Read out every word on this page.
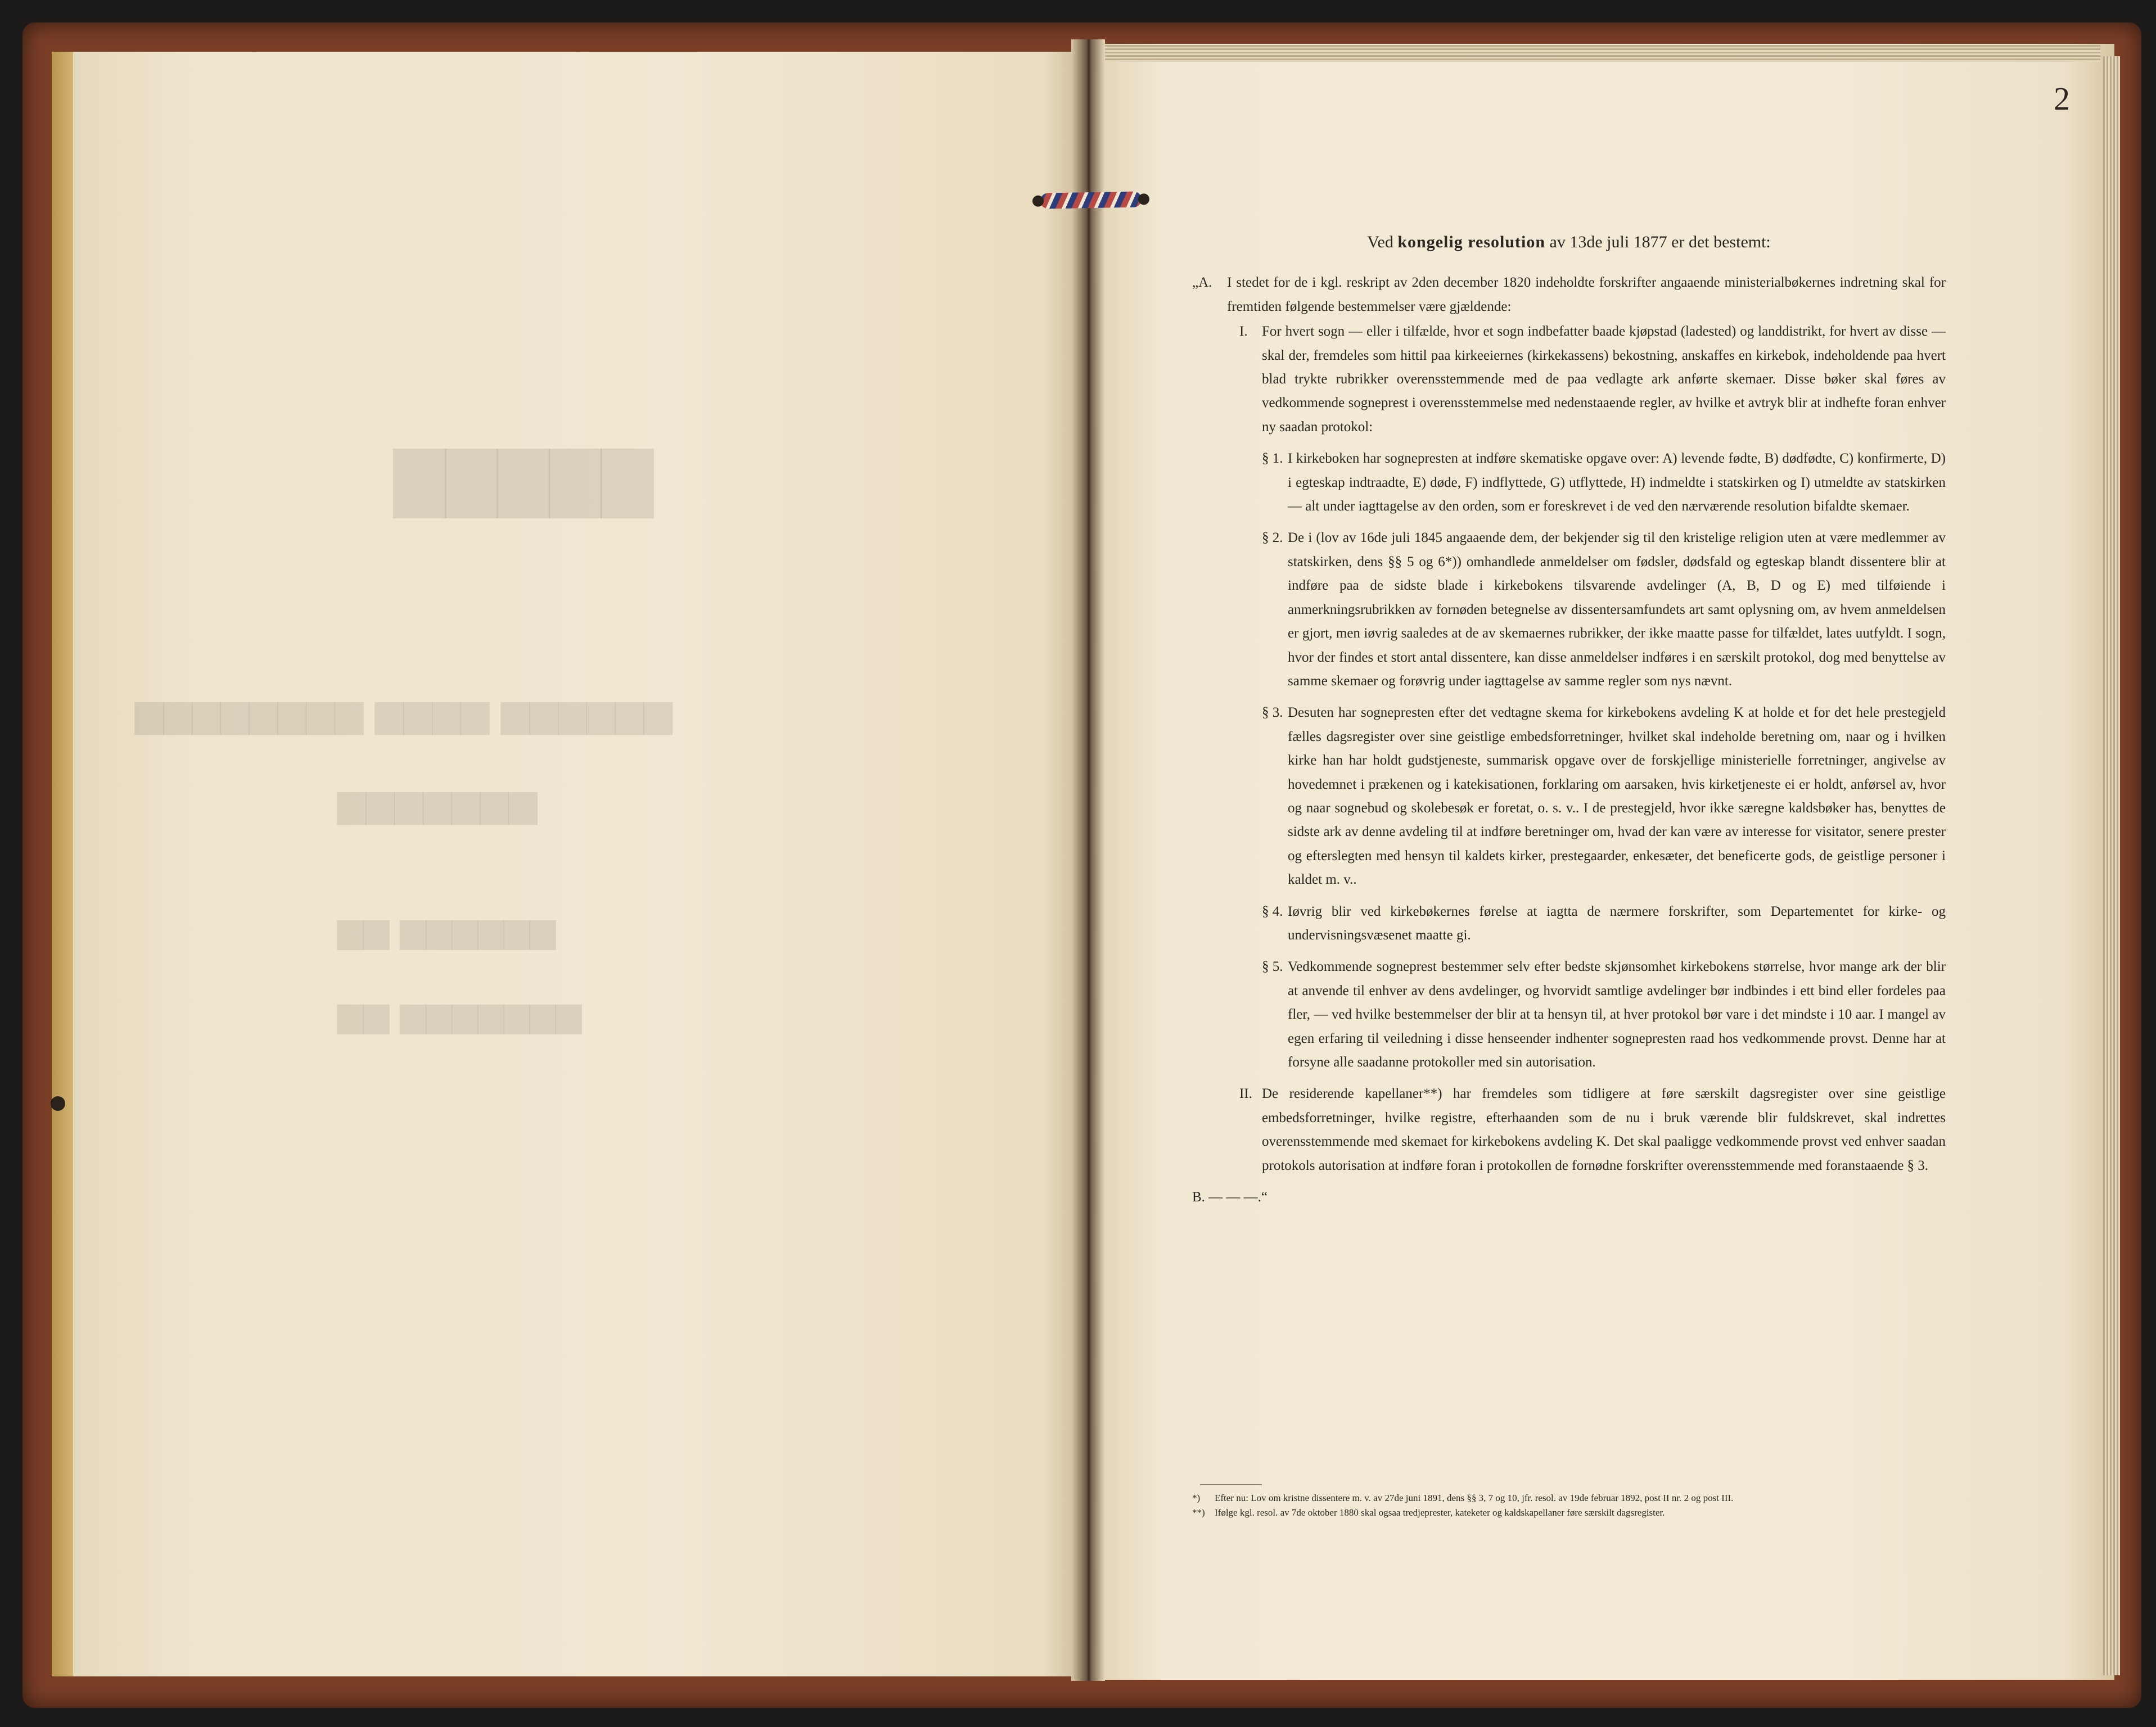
▇▇▇▇▇
▆▆▆▆▆▆ ▆▆▆▆ ▆▆▆▆▆▆▆▆
▆▆▆▆▆▆▆
▆▆▆▆▆▆ ▆▆
▆▆▆▆▆▆▆ ▆▆
2
Ved kongelig resolution av 13de juli 1877 er det bestemt:

„A. I stedet for de i kgl. reskript av 2den december 1820 indeholdte forskrifter angaaende ministerialbøkernes indretning skal for fremtiden følgende bestemmelser være gjældende:

I. For hvert sogn — eller i tilfælde, hvor et sogn indbefatter baade kjøpstad (ladested) og landdistrikt, for hvert av disse — skal der, fremdeles som hittil paa kirkeeiernes (kirkekassens) bekostning, anskaffes en kirkebok, indeholdende paa hvert blad trykte rubrikker overensstemmende med de paa vedlagte ark anførte skemaer. Disse bøker skal føres av vedkommende sogneprest i overensstemmelse med nedenstaaende regler, av hvilke et avtryk blir at indhefte foran enhver ny saadan protokol:

§ 1. I kirkeboken har sognepresten at indføre skematiske opgave over: A) levende fødte, B) dødfødte, C) konfirmerte, D) i egteskap indtraadte, E) døde, F) indflyttede, G) utflyttede, H) indmeldte i statskirken og I) utmeldte av statskirken — alt under iagttagelse av den orden, som er foreskrevet i de ved den nærværende resolution bifaldte skemaer.

§ 2. De i (lov av 16de juli 1845 angaaende dem, der bekjender sig til den kristelige religion uten at være medlemmer av statskirken, dens §§ 5 og 6*)) omhandlede anmeldelser om fødsler, dødsfald og egteskap blandt dissentere blir at indføre paa de sidste blade i kirkebokens tilsvarende avdelinger (A, B, D og E) med tilføiende i anmerkningsrubrikken av fornøden betegnelse av dissentersamfundets art samt oplysning om, av hvem anmeldelsen er gjort, men iøvrig saaledes at de av skemaernes rubrikker, der ikke maatte passe for tilfældet, lates uutfyldt. I sogn, hvor der findes et stort antal dissentere, kan disse anmeldelser indføres i en særskilt protokol, dog med benyttelse av samme skemaer og forøvrig under iagttagelse av samme regler som nys nævnt.

§ 3. Desuten har sognepresten efter det vedtagne skema for kirkebokens avdeling K at holde et for det hele prestegjeld fælles dagsregister over sine geistlige embedsforretninger, hvilket skal indeholde beretning om, naar og i hvilken kirke han har holdt gudstjeneste, summarisk opgave over de forskjellige ministerielle forretninger, angivelse av hovedemnet i prækenen og i katekisationen, forklaring om aarsaken, hvis kirketjeneste ei er holdt, anførsel av, hvor og naar sognebud og skolebesøk er foretat, o. s. v.. I de prestegjeld, hvor ikke særegne kaldsbøker has, benyttes de sidste ark av denne avdeling til at indføre beretninger om, hvad der kan være av interesse for visitator, senere prester og efterslegten med hensyn til kaldets kirker, prestegaarder, enkesæter, det beneficerte gods, de geistlige personer i kaldet m. v..

§ 4. Iøvrig blir ved kirkebøkernes førelse at iagtta de nærmere forskrifter, som Departementet for kirke- og undervisningsvæsenet maatte gi.

§ 5. Vedkommende sogneprest bestemmer selv efter bedste skjønsomhet kirkebokens størrelse, hvor mange ark der blir at anvende til enhver av dens avdelinger, og hvorvidt samtlige avdelinger bør indbindes i ett bind eller fordeles paa fler, — ved hvilke bestemmelser der blir at ta hensyn til, at hver protokol bør vare i det mindste i 10 aar. I mangel av egen erfaring til veiledning i disse henseender indhenter sognepresten raad hos vedkommende provst. Denne har at forsyne alle saadanne protokoller med sin autorisation.

II. De residerende kapellaner**) har fremdeles som tidligere at føre særskilt dagsregister over sine geistlige embedsforretninger, hvilke registre, efterhaanden som de nu i bruk værende blir fuldskrevet, skal indrettes overensstemmende med skemaet for kirkebokens avdeling K. Det skal paaligge vedkommende provst ved enhver saadan protokols autorisation at indføre foran i protokollen de fornødne forskrifter overensstemmende med foranstaaende § 3.

B. — — —.“

*) Efter nu: Lov om kristne dissentere m. v. av 27de juni 1891, dens §§ 3, 7 og 10, jfr. resol. av 19de februar 1892, post II nr. 2 og post III.
**) Ifølge kgl. resol. av 7de oktober 1880 skal ogsaa tredjeprester, kateketer og kaldskapellaner føre særskilt dagsregister.
